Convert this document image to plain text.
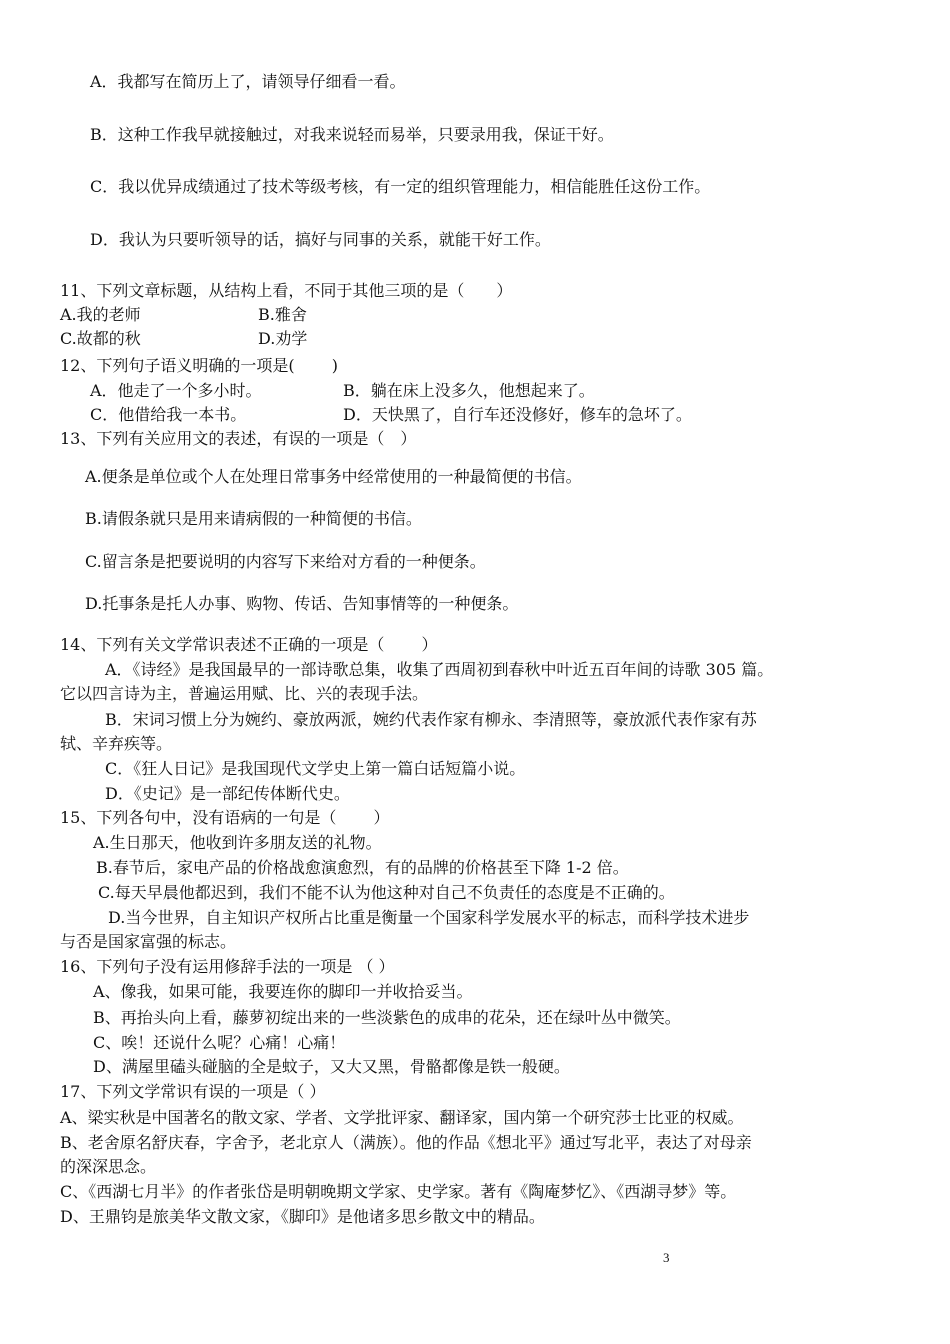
A．我都写在简历上了，请领导仔细看一看。
B．这种工作我早就接触过，对我来说轻而易举，只要录用我，保证干好。
C．我以优异成绩通过了技术等级考核，有一定的组织管理能力，相信能胜任这份工作。
D．我认为只要听领导的话，搞好与同事的关系，就能干好工作。
11、下列文章标题，从结构上看，不同于其他三项的是（　　）
A.我的老师	B.雅舍
C.故都的秋	D.劝学
12、下列句子语义明确的一项是(　　 )
A．他走了一个多小时。	B．躺在床上没多久，他想起来了。
C．他借给我一本书。	D．天快黑了，自行车还没修好，修车的急坏了。
13、下列有关应用文的表述，有误的一项是（　）
A.便条是单位或个人在处理日常事务中经常使用的一种最简便的书信。
B.请假条就只是用来请病假的一种简便的书信。
C.留言条是把要说明的内容写下来给对方看的一种便条。
D.托事条是托人办事、购物、传话、告知事情等的一种便条。
14、下列有关文学常识表述不正确的一项是（　　 ）
A．《诗经》是我国最早的一部诗歌总集，收集了西周初到春秋中叶近五百年间的诗歌 305 篇。
它以四言诗为主，普遍运用赋、比、兴的表现手法。
B．宋词习惯上分为婉约、豪放两派，婉约代表作家有柳永、李清照等，豪放派代表作家有苏
轼、辛弃疾等。
C．《狂人日记》是我国现代文学史上第一篇白话短篇小说。
D．《史记》是一部纪传体断代史。
15、下列各句中，没有语病的一句是（　　 ）
A.生日那天，他收到许多朋友送的礼物。
B.春节后，家电产品的价格战愈演愈烈，有的品牌的价格甚至下降 1-2 倍。
C.每天早晨他都迟到，我们不能不认为他这种对自己不负责任的态度是不正确的。
D.当今世界，自主知识产权所占比重是衡量一个国家科学发展水平的标志，而科学技术进步
与否是国家富强的标志。
16、下列句子没有运用修辞手法的一项是 （ ）
A、像我，如果可能，我要连你的脚印一并收拾妥当。
B、再抬头向上看，藤萝初绽出来的一些淡紫色的成串的花朵，还在绿叶丛中微笑。
C、唉！还说什么呢？心痛！心痛！
D、满屋里磕头碰脑的全是蚊子，又大又黑，骨骼都像是铁一般硬。
17、下列文学常识有误的一项是（ ）
A、梁实秋是中国著名的散文家、学者、文学批评家、翻译家，国内第一个研究莎士比亚的权威。
B、老舍原名舒庆春，字舍予，老北京人（满族）。他的作品《想北平》通过写北平，表达了对母亲
的深深思念。
C、《西湖七月半》的作者张岱是明朝晚期文学家、史学家。著有《陶庵梦忆》、《西湖寻梦》等。
D、王鼎钧是旅美华文散文家，《脚印》是他诸多思乡散文中的精品。
3
